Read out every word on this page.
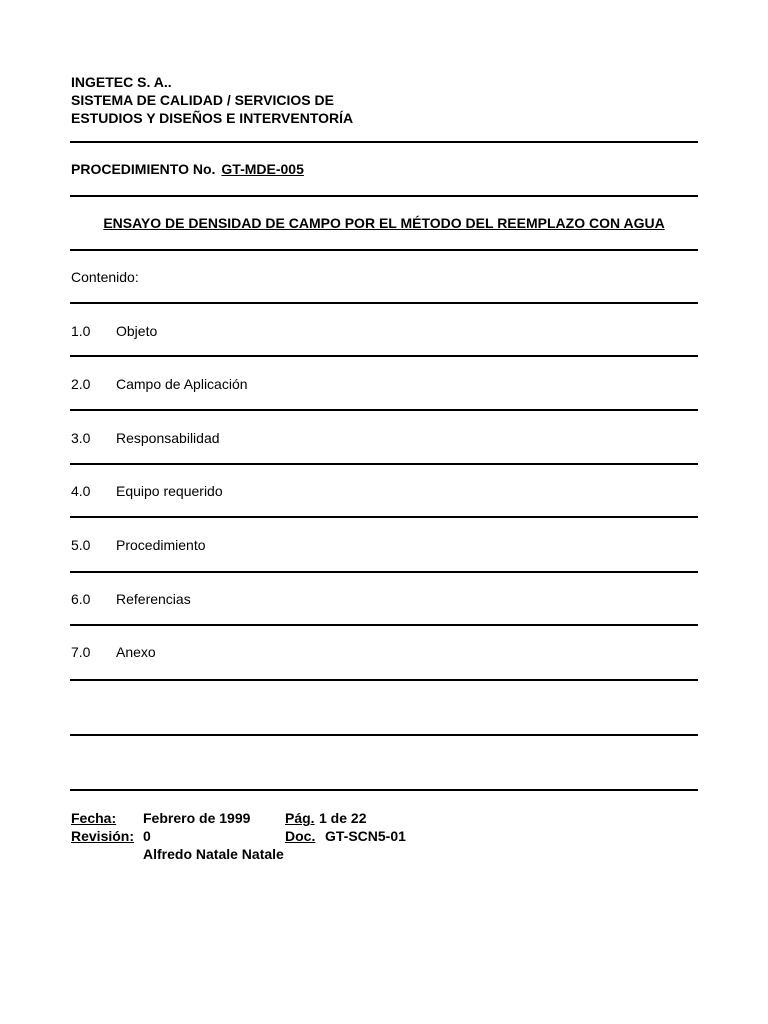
INGETEC S. A..
SISTEMA DE CALIDAD / SERVICIOS DE
ESTUDIOS Y DISEÑOS E INTERVENTORÍA
PROCEDIMIENTO No. GT-MDE-005
ENSAYO DE DENSIDAD DE CAMPO POR EL MÉTODO DEL REEMPLAZO CON AGUA
Contenido:
1.0 Objeto
2.0 Campo de Aplicación
3.0 Responsabilidad
4.0 Equipo requerido
5.0 Procedimiento
6.0 Referencias
7.0 Anexo
Fecha: Febrero de 1999 Pág. 1 de 22
Revisión: 0	Doc. GT-SCN5-01
Alfredo Natale Natale
